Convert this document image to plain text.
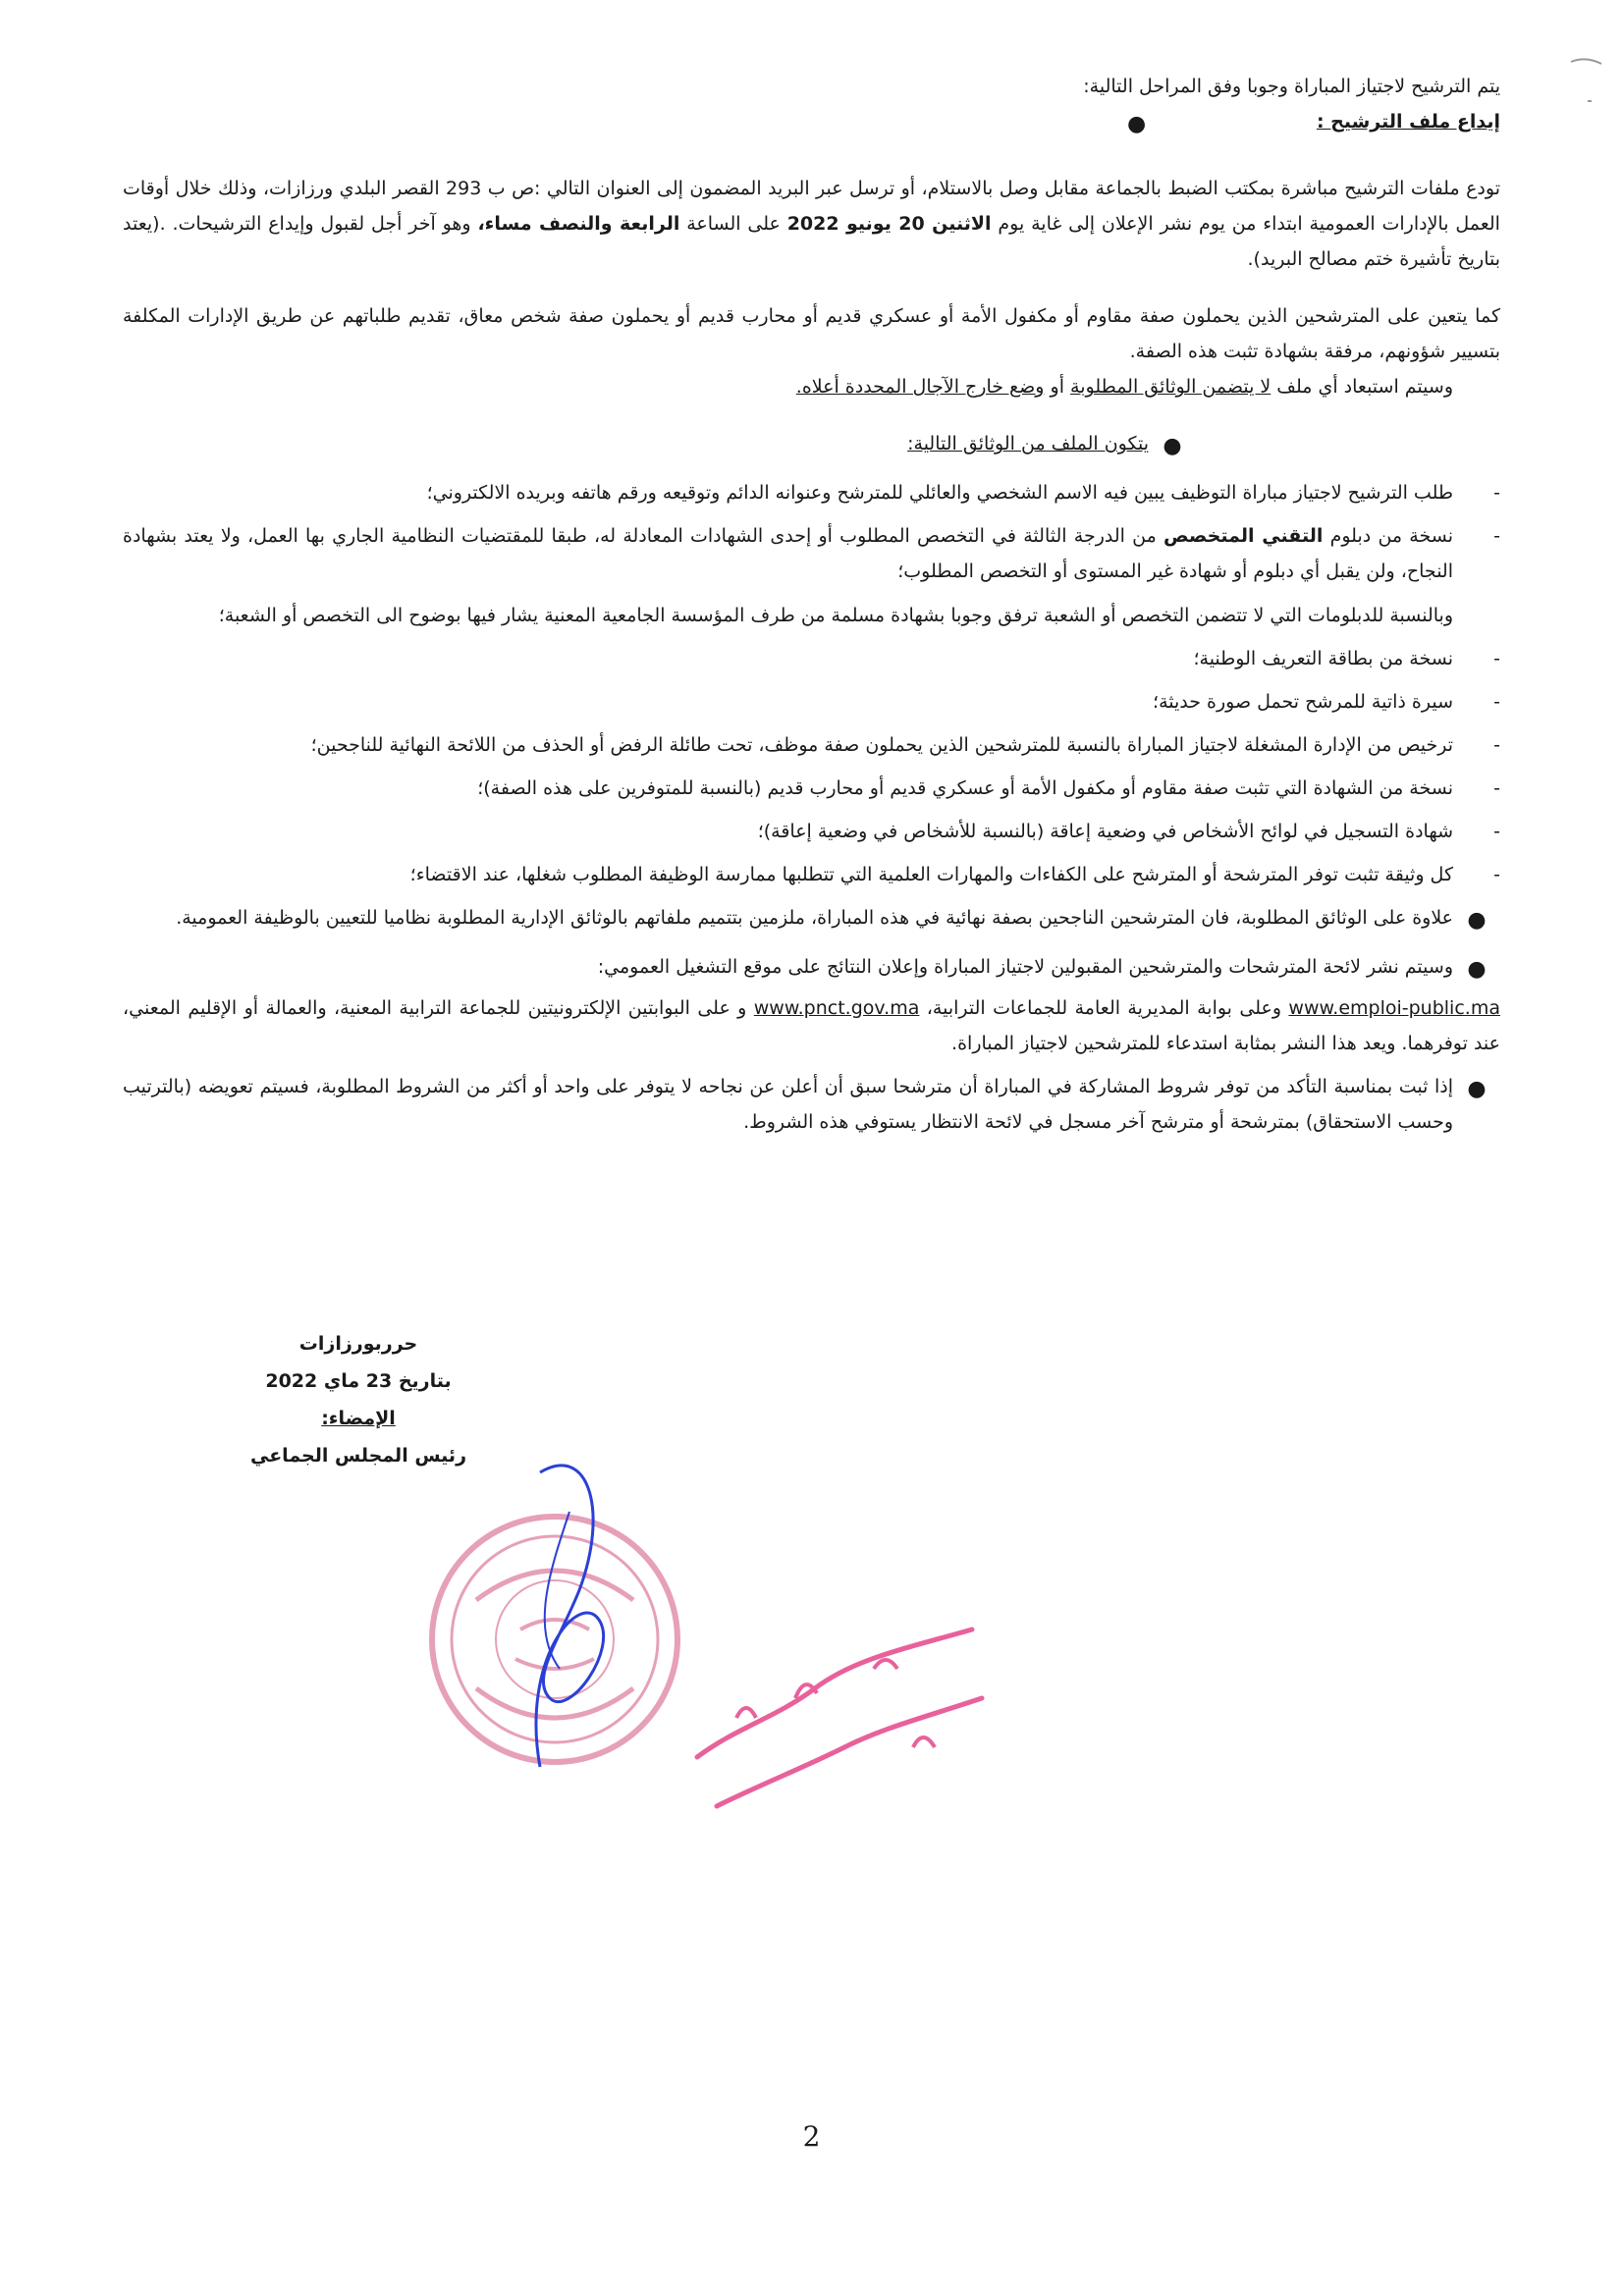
يتم الترشيح لاجتياز المباراة وجوبا وفق المراحل التالية:

●	إيداع ملف الترشيح :

تودع ملفات الترشيح مباشرة بمكتب الضبط بالجماعة مقابل وصل بالاستلام، أو ترسل عبر البريد المضمون إلى العنوان التالي :ص ب 293 القصر البلدي ورزازات، وذلك خلال أوقات العمل بالإدارات العمومية ابتداء من يوم نشر الإعلان إلى غاية يوم الاثنين 20 يونيو 2022 على الساعة الرابعة والنصف مساء، وهو آخر أجل لقبول وإيداع الترشيحات. .(يعتد بتاريخ تأشيرة ختم مصالح البريد).

كما يتعين على المترشحين الذين يحملون صفة مقاوم أو مكفول الأمة أو عسكري قديم أو محارب قديم أو يحملون صفة شخص معاق، تقديم طلباتهم عن طريق الإدارات المكلفة بتسيير شؤونهم، مرفقة بشهادة تثبت هذه الصفة.

وسيتم استبعاد أي ملف لا يتضمن الوثائق المطلوبة أو وضع خارج الآجال المحددة أعلاه.

●
يتكون الملف من الوثائق التالية:
-
طلب الترشيح لاجتياز مباراة التوظيف يبين فيه الاسم الشخصي والعائلي للمترشح وعنوانه الدائم وتوقيعه ورقم هاتفه وبريده الالكتروني؛
-
نسخة من دبلوم التقني المتخصص من الدرجة الثالثة في التخصص المطلوب أو إحدى الشهادات المعادلة له، طبقا للمقتضيات النظامية الجاري بها العمل، ولا يعتد بشهادة النجاح، ولن يقبل أي دبلوم أو شهادة غير المستوى أو التخصص المطلوب؛

وبالنسبة للدبلومات التي لا تتضمن التخصص أو الشعبة ترفق وجوبا بشهادة مسلمة من طرف المؤسسة الجامعية المعنية يشار فيها بوضوح الى التخصص أو الشعبة؛

-
نسخة من بطاقة التعريف الوطنية؛
-
سيرة ذاتية للمرشح تحمل صورة حديثة؛
-
ترخيص من الإدارة المشغلة لاجتياز المباراة بالنسبة للمترشحين الذين يحملون صفة موظف، تحت طائلة الرفض أو الحذف من اللائحة النهائية للناجحين؛
-
نسخة من الشهادة التي تثبت صفة مقاوم أو مكفول الأمة أو عسكري قديم أو محارب قديم (بالنسبة للمتوفرين على هذه الصفة)؛
-
شهادة التسجيل في لوائح الأشخاص في وضعية إعاقة (بالنسبة للأشخاص في وضعية إعاقة)؛
-
كل وثيقة تثبت توفر المترشحة أو المترشح على الكفاءات والمهارات العلمية التي تتطلبها ممارسة الوظيفة المطلوب شغلها، عند الاقتضاء؛
●
علاوة على الوثائق المطلوبة، فان المترشحين الناجحين بصفة نهائية في هذه المباراة، ملزمين بتتميم ملفاتهم بالوثائق الإدارية المطلوبة نظاميا للتعيين بالوظيفة العمومية.
●
وسيتم نشر لائحة المترشحات والمترشحين المقبولين لاجتياز المباراة وإعلان النتائج على موقع التشغيل العمومي:

www.emploi-public.ma وعلى بوابة المديرية العامة للجماعات الترابية، www.pnct.gov.ma و على البوابتين الإلكترونيتين للجماعة الترابية المعنية، والعمالة أو الإقليم المعني، عند توفرهما. ويعد هذا النشر بمثابة استدعاء للمترشحين لاجتياز المباراة.

●
إذا ثبت بمناسبة التأكد من توفر شروط المشاركة في المباراة أن مترشحا سبق أن أعلن عن نجاحه لا يتوفر على واحد أو أكثر من الشروط المطلوبة، فسيتم تعويضه (بالترتيب وحسب الاستحقاق) بمترشحة أو مترشح آخر مسجل في لائحة الانتظار يستوفي هذه الشروط.
حرربورزازات
بتاريخ 23 ماي 2022
الإمضاء:
رئيس المجلس الجماعي
2
